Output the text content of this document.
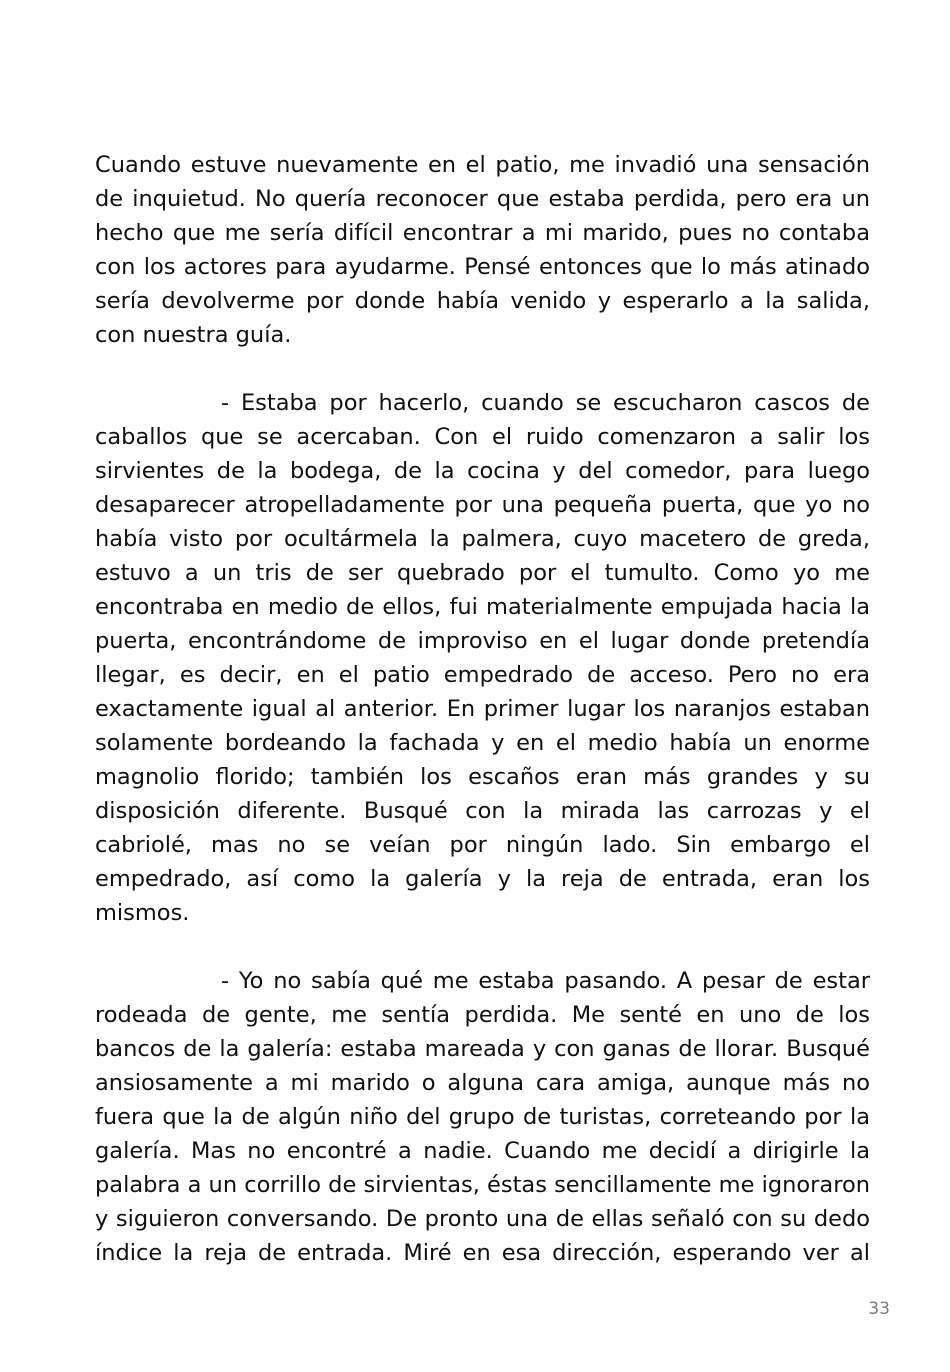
Cuando estuve nuevamente en el patio, me invadió una sensación de inquietud. No quería reconocer que estaba perdida, pero era un hecho que me sería difícil encontrar a mi marido, pues no contaba con los actores para ayudarme. Pensé entonces que lo más atinado sería devolverme por donde había venido y esperarlo a la salida, con nuestra guía.

- Estaba por hacerlo, cuando se escucharon cascos de caballos que se acercaban. Con el ruido comenzaron a salir los sirvientes de la bodega, de la cocina y del comedor, para luego desaparecer atropelladamente por una pequeña puerta, que yo no había visto por ocultármela la palmera, cuyo macetero de greda, estuvo a un tris de ser quebrado por el tumulto. Como yo me encontraba en medio de ellos, fui materialmente empujada hacia la puerta, encontrándome de improviso en el lugar donde pretendía llegar, es decir, en el patio empedrado de acceso. Pero no era exactamente igual al anterior. En primer lugar los naranjos estaban solamente bordeando la fachada y en el medio había un enorme magnolio florido; también los escaños eran más grandes y su disposición diferente. Busqué con la mirada las carrozas y el cabriolé, mas no se veían por ningún lado. Sin embargo el empedrado, así como la galería y la reja de entrada, eran los mismos.

- Yo no sabía qué me estaba pasando. A pesar de estar rodeada de gente, me sentía perdida. Me senté en uno de los bancos de la galería: estaba mareada y con ganas de llorar. Busqué ansiosamente a mi marido o alguna cara amiga, aunque más no fuera que la de algún niño del grupo de turistas, correteando por la galería. Mas no encontré a nadie. Cuando me decidí a dirigirle la palabra a un corrillo de sirvientas, éstas sencillamente me ignoraron y siguieron conversando. De pronto una de ellas señaló con su dedo índice la reja de entrada. Miré en esa dirección, esperando ver al

33
